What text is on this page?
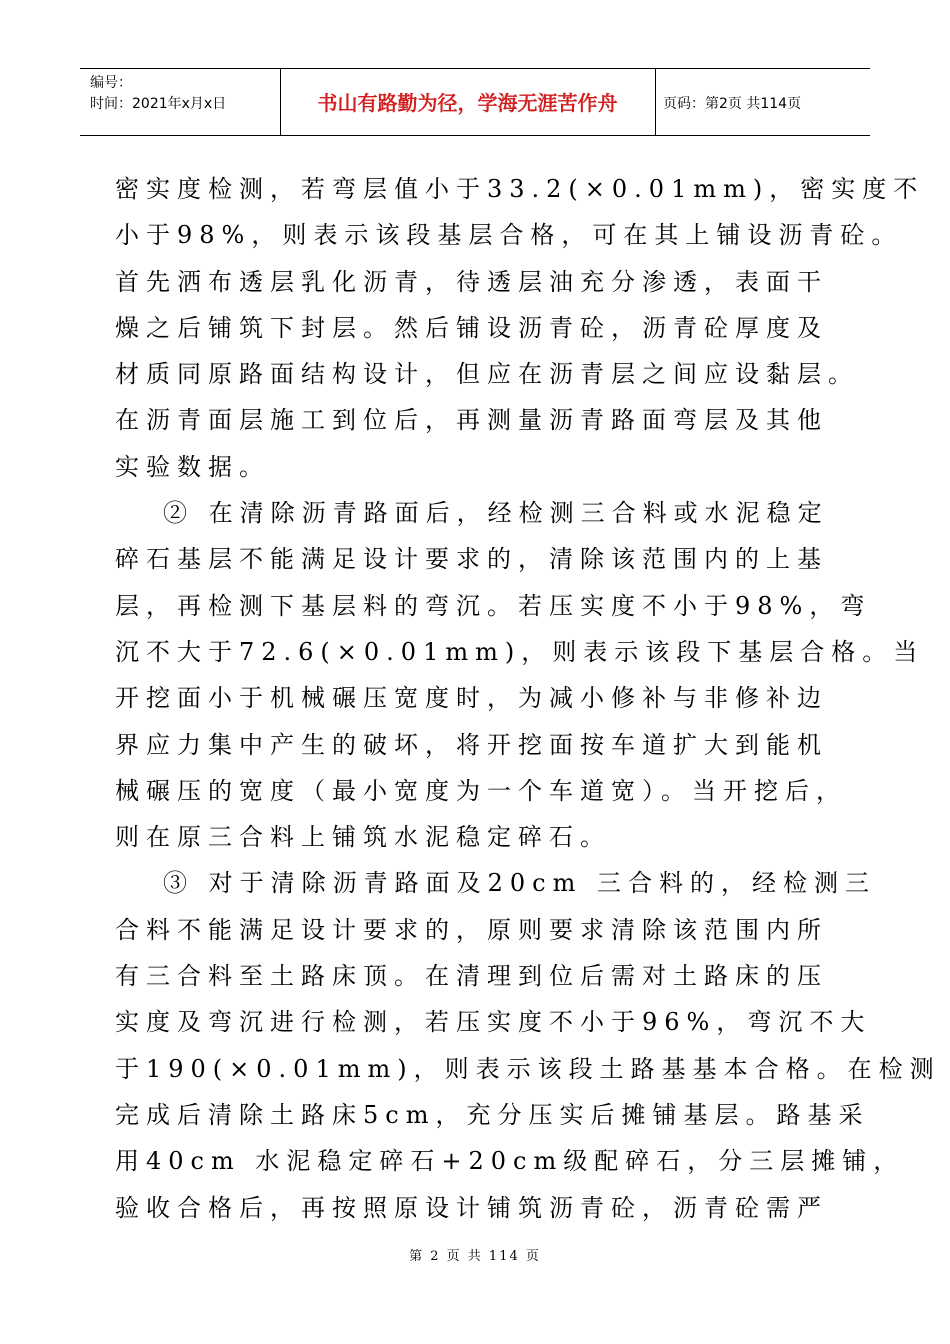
编号：
时间：2021年x月x日	书山有路勤为径，学海无涯苦作舟	页码：第2页 共114页
密实度检测，若弯层值小于33.2(×0.01mm)，密实度不
小于98%，则表示该段基层合格，可在其上铺设沥青砼。
首先洒布透层乳化沥青，待透层油充分渗透，表面干
燥之后铺筑下封层。然后铺设沥青砼，沥青砼厚度及
材质同原路面结构设计，但应在沥青层之间应设黏层。
在沥青面层施工到位后，再测量沥青路面弯层及其他
实验数据。
② 在清除沥青路面后，经检测三合料或水泥稳定
碎石基层不能满足设计要求的，清除该范围内的上基
层，再检测下基层料的弯沉。若压实度不小于98%，弯
沉不大于72.6(×0.01mm)，则表示该段下基层合格。当
开挖面小于机械碾压宽度时，为减小修补与非修补边
界应力集中产生的破坏，将开挖面按车道扩大到能机
械碾压的宽度（最小宽度为一个车道宽）。当开挖后，
则在原三合料上铺筑水泥稳定碎石。
③ 对于清除沥青路面及20cm 三合料的，经检测三
合料不能满足设计要求的，原则要求清除该范围内所
有三合料至土路床顶。在清理到位后需对土路床的压
实度及弯沉进行检测，若压实度不小于96%，弯沉不大
于190(×0.01mm)，则表示该段土路基基本合格。在检测
完成后清除土路床5cm，充分压实后摊铺基层。路基采
用40cm 水泥稳定碎石+20cm级配碎石，分三层摊铺，
验收合格后，再按照原设计铺筑沥青砼，沥青砼需严
第 2 页 共 114 页
